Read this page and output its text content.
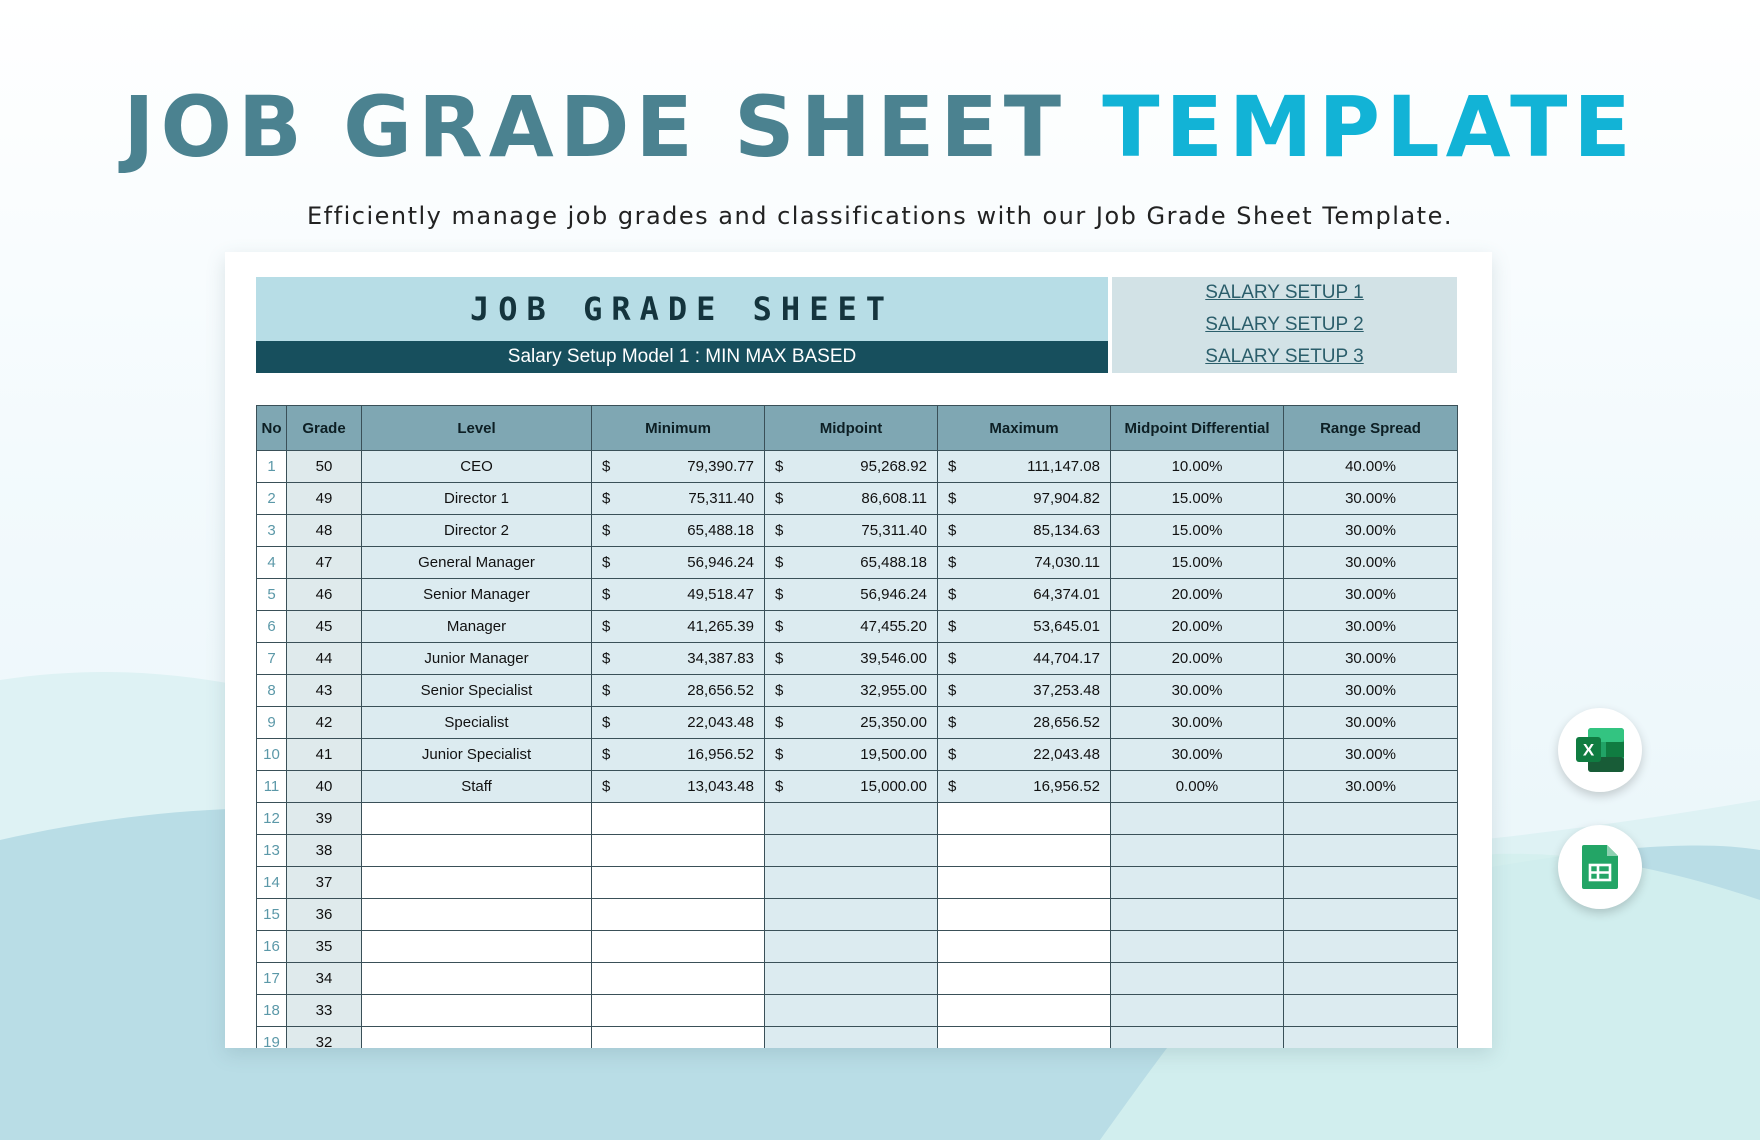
JOB GRADE SHEET TEMPLATE
Efficiently manage job grades and classifications with our Job Grade Sheet Template.
JOB GRADE SHEET
Salary Setup Model 1 : MIN MAX BASED
SALARY SETUP 1
SALARY SETUP 2
SALARY SETUP 3
No	Grade	Level	Minimum	Midpoint	Maximum	Midpoint Differential	Range Spread
1	50	CEO	$ 79,390.77	$ 95,268.92	$ 111,147.08	10.00%	40.00%
2	49	Director 1	$ 75,311.40	$ 86,608.11	$ 97,904.82	15.00%	30.00%
3	48	Director 2	$ 65,488.18	$ 75,311.40	$ 85,134.63	15.00%	30.00%
4	47	General Manager	$ 56,946.24	$ 65,488.18	$ 74,030.11	15.00%	30.00%
5	46	Senior Manager	$ 49,518.47	$ 56,946.24	$ 64,374.01	20.00%	30.00%
6	45	Manager	$ 41,265.39	$ 47,455.20	$ 53,645.01	20.00%	30.00%
7	44	Junior Manager	$ 34,387.83	$ 39,546.00	$ 44,704.17	20.00%	30.00%
8	43	Senior Specialist	$ 28,656.52	$ 32,955.00	$ 37,253.48	30.00%	30.00%
9	42	Specialist	$ 22,043.48	$ 25,350.00	$ 28,656.52	30.00%	30.00%
10	41	Junior Specialist	$ 16,956.52	$ 19,500.00	$ 22,043.48	30.00%	30.00%
11	40	Staff	$ 13,043.48	$ 15,000.00	$ 16,956.52	0.00%	30.00%
12	39						
13	38						
14	37						
15	36						
16	35						
17	34						
18	33						
19	32						
X
